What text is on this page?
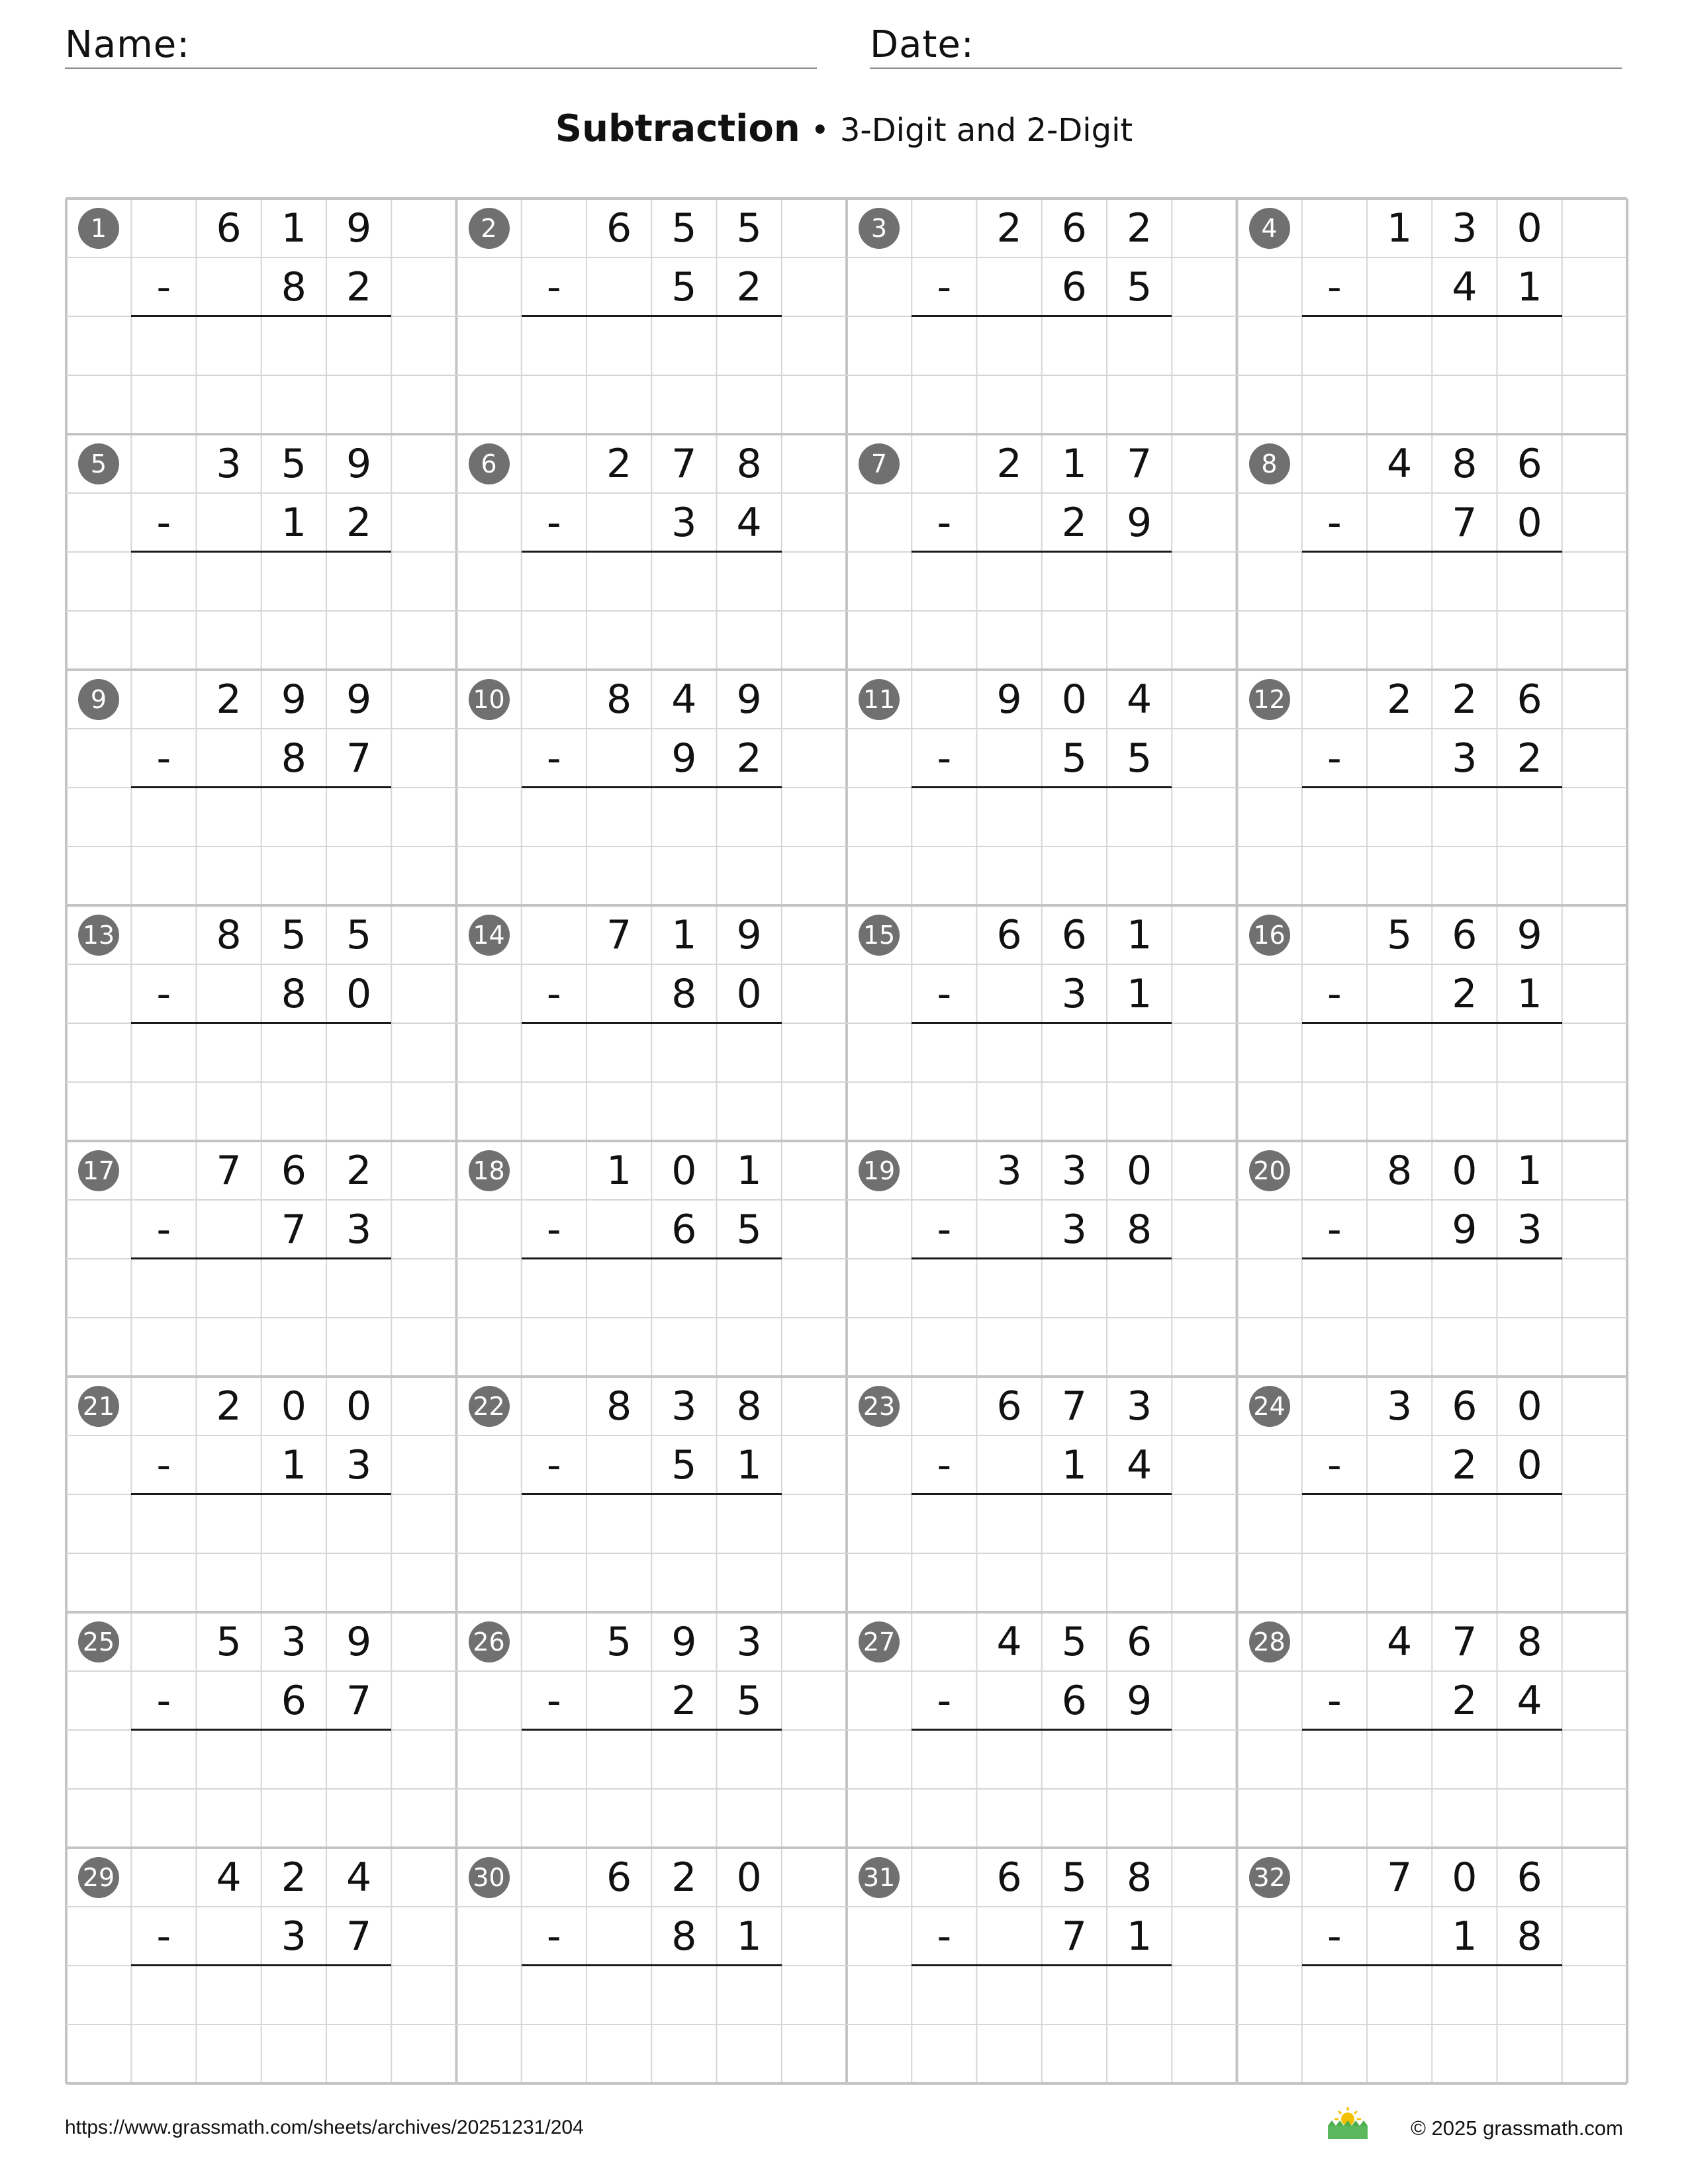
Name:	Date:
Subtraction • 3-Digit and 2-Digit
1	6	1	9
-	8	2
2	6	5	5
-	5	2
3	2	6	2
-	6	5
4	1	3	0
-	4	1
5	3	5	9
-	1	2
6	2	7	8
-	3	4
7	2	1	7
-	2	9
8	4	8	6
-	7	0
9	2	9	9
-	8	7
10	8	4	9
-	9	2
11	9	0	4
-	5	5
12	2	2	6
-	3	2
13	8	5	5
-	8	0
14	7	1	9
-	8	0
15	6	6	1
-	3	1
16	5	6	9
-	2	1
17	7	6	2
-	7	3
18	1	0	1
-	6	5
19	3	3	0
-	3	8
20	8	0	1
-	9	3
21	2	0	0
-	1	3
22	8	3	8
-	5	1
23	6	7	3
-	1	4
24	3	6	0
-	2	0
25	5	3	9
-	6	7
26	5	9	3
-	2	5
27	4	5	6
-	6	9
28	4	7	8
-	2	4
29	4	2	4
-	3	7
30	6	2	0
-	8	1
31	6	5	8
-	7	1
32	7	0	6
-	1	8
https://www.grassmath.com/sheets/archives/20251231/204	© 2025 grassmath.com
